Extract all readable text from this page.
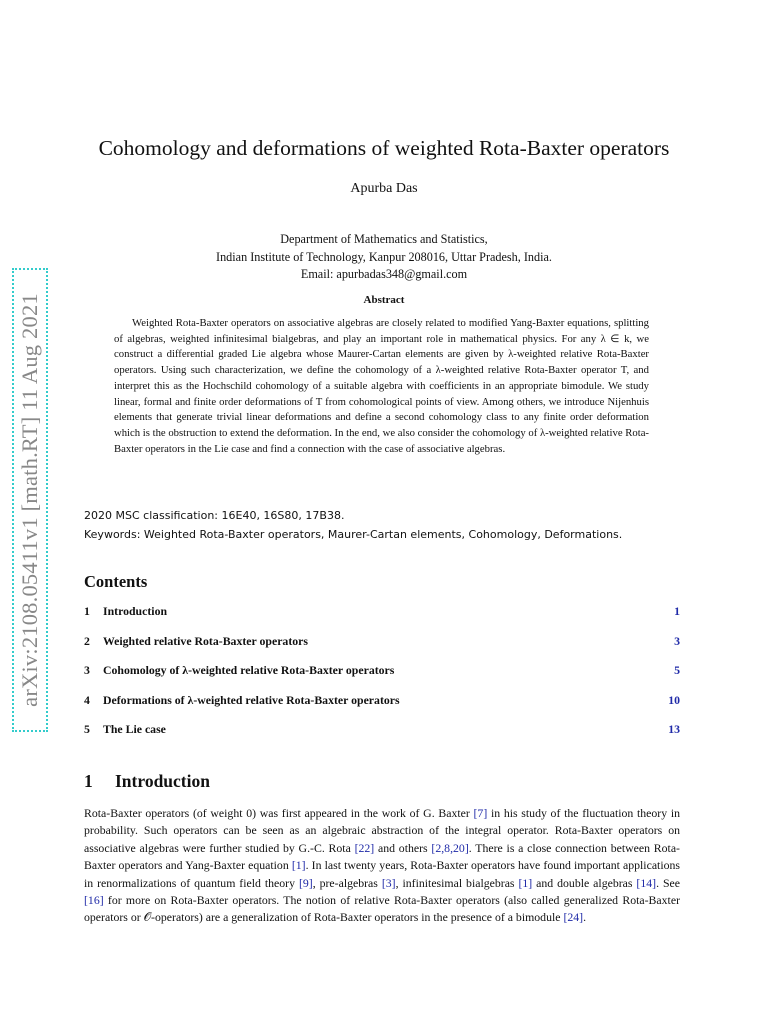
arXiv:2108.05411v1 [math.RT] 11 Aug 2021
Cohomology and deformations of weighted Rota-Baxter operators
Apurba Das
Department of Mathematics and Statistics,
Indian Institute of Technology, Kanpur 208016, Uttar Pradesh, India.
Email: apurbadas348@gmail.com
Abstract

Weighted Rota-Baxter operators on associative algebras are closely related to modified Yang-Baxter equations, splitting of algebras, weighted infinitesimal bialgebras, and play an important role in mathematical physics. For any λ ∈ k, we construct a differential graded Lie algebra whose Maurer-Cartan elements are given by λ-weighted relative Rota-Baxter operators. Using such characterization, we define the cohomology of a λ-weighted relative Rota-Baxter operator T, and interpret this as the Hochschild cohomology of a suitable algebra with coefficients in an appropriate bimodule. We study linear, formal and finite order deformations of T from cohomological points of view. Among others, we introduce Nijenhuis elements that generate trivial linear deformations and define a second cohomology class to any finite order deformation which is the obstruction to extend the deformation. In the end, we also consider the cohomology of λ-weighted relative Rota-Baxter operators in the Lie case and find a connection with the case of associative algebras.

2020 MSC classification: 16E40, 16S80, 17B38.
Keywords: Weighted Rota-Baxter operators, Maurer-Cartan elements, Cohomology, Deformations.
Contents
1 Introduction	1
2 Weighted relative Rota-Baxter operators	3
3 Cohomology of λ-weighted relative Rota-Baxter operators	5
4 Deformations of λ-weighted relative Rota-Baxter operators	10
5 The Lie case	13
1 Introduction

Rota-Baxter operators (of weight 0) was first appeared in the work of G. Baxter [7] in his study of the fluctuation theory in probability. Such operators can be seen as an algebraic abstraction of the integral operator. Rota-Baxter operators on associative algebras were further studied by G.-C. Rota [22] and others [2,8,20]. There is a close connection between Rota-Baxter operators and Yang-Baxter equation [1]. In last twenty years, Rota-Baxter operators have found important applications in renormalizations of quantum field theory [9], pre-algebras [3], infinitesimal bialgebras [1] and double algebras [14]. See [16] for more on Rota-Baxter operators. The notion of relative Rota-Baxter operators (also called generalized Rota-Baxter operators or 𝒪-operators) are a generalization of Rota-Baxter operators in the presence of a bimodule [24].
